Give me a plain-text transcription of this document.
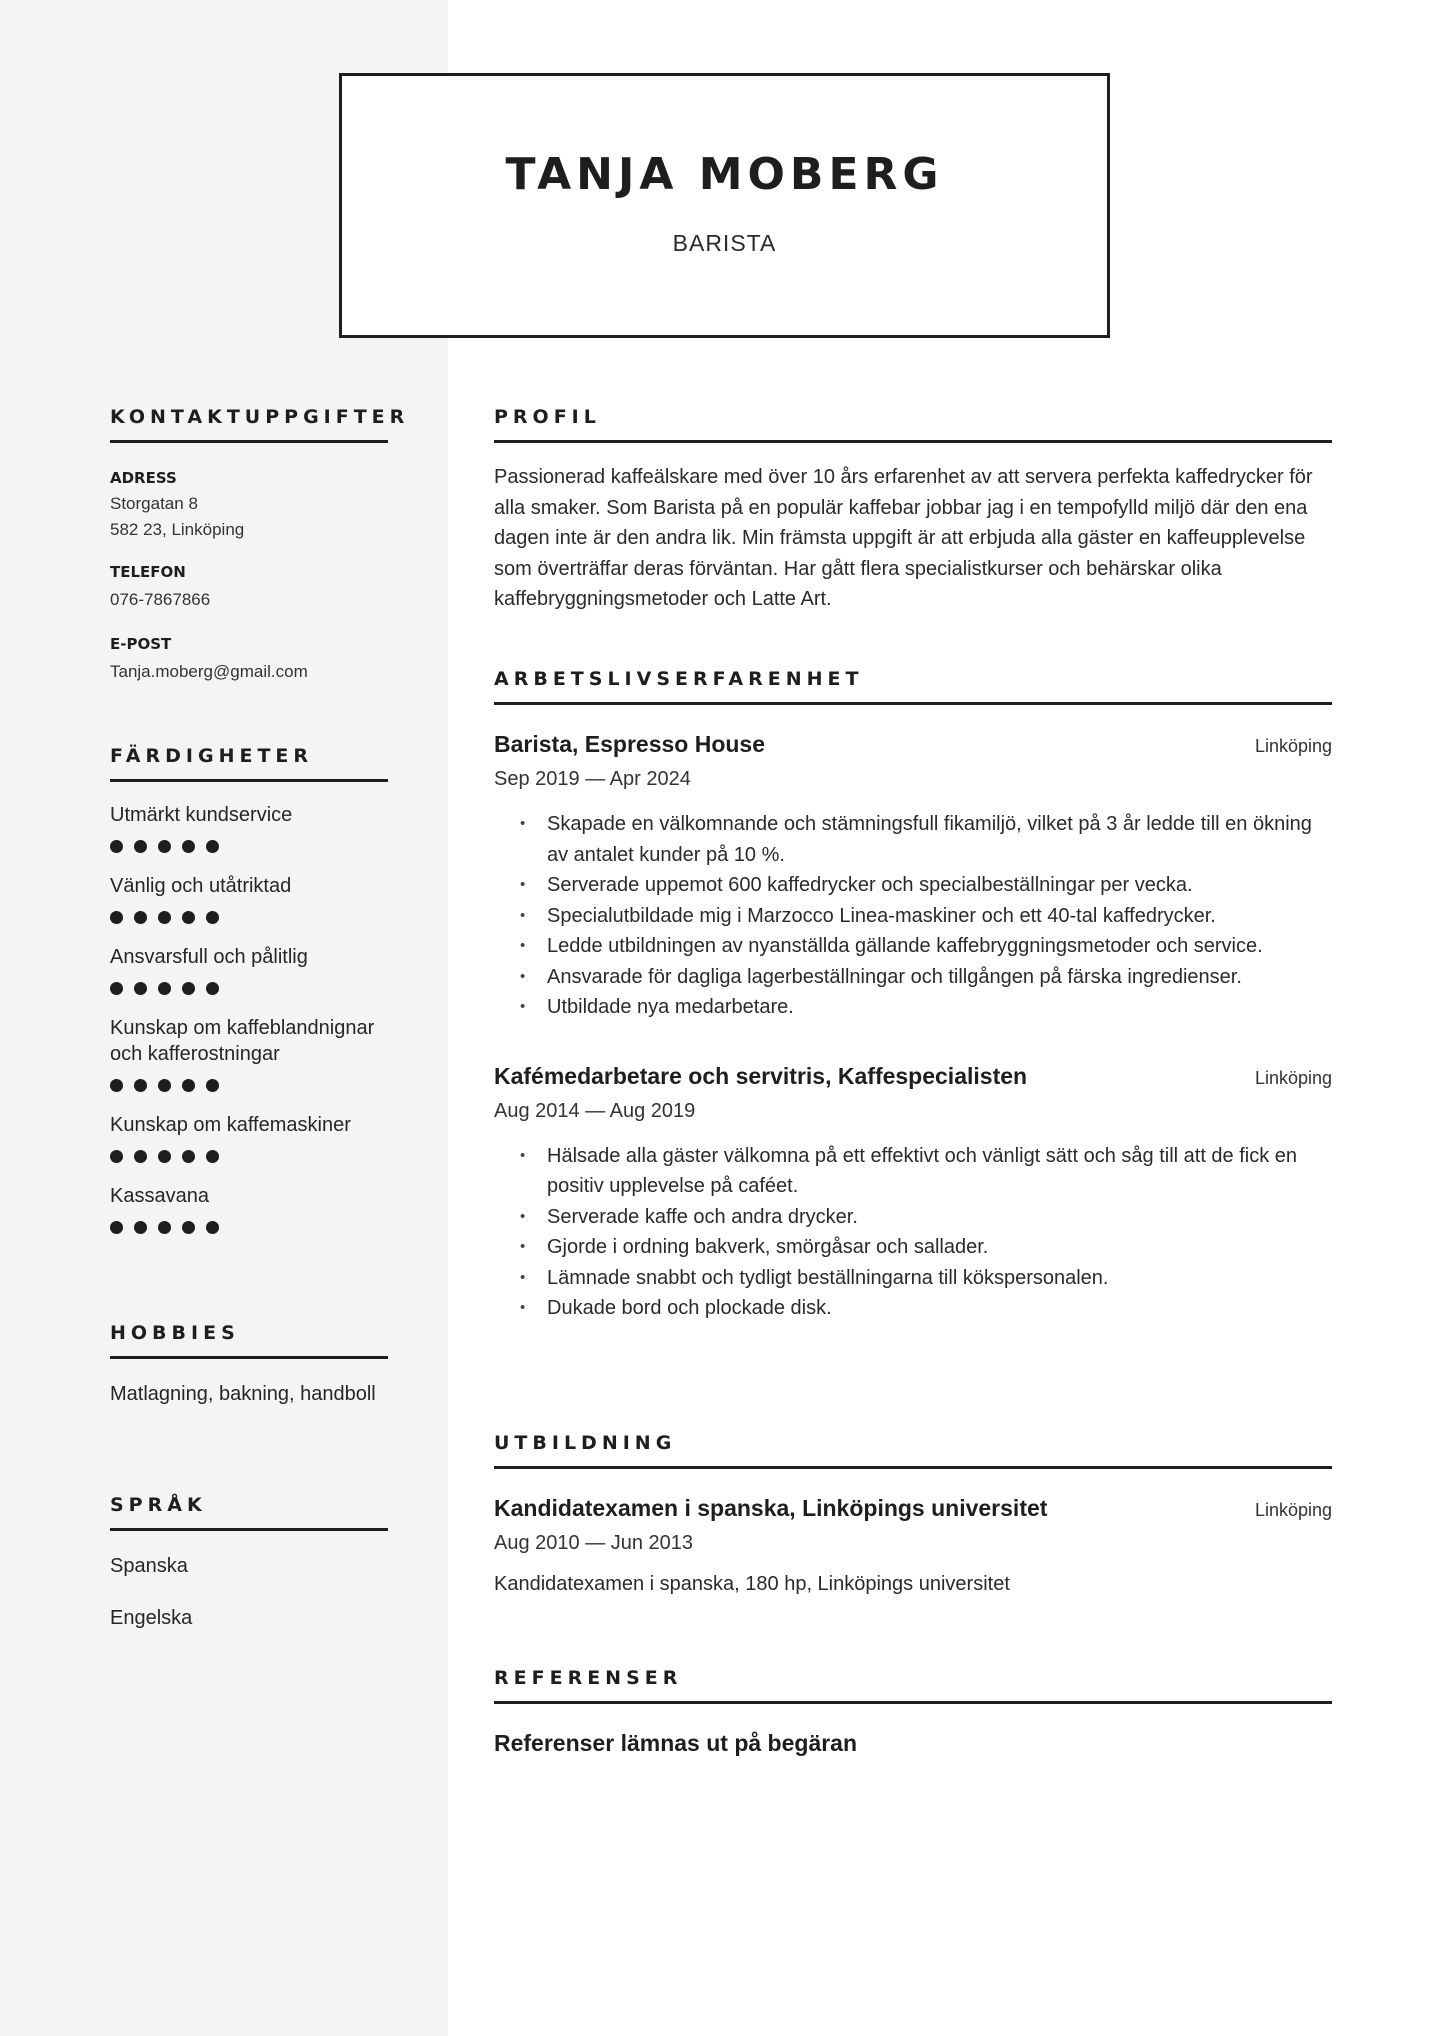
TANJA MOBERG
BARISTA
KONTAKTUPPGIFTER
ADRESS
Storgatan 8
582 23, Linköping
TELEFON
076-7867866
E-POST
Tanja.moberg@gmail.com
FÄRDIGHETER
Utmärkt kundservice
Vänlig och utåtriktad
Ansvarsfull och pålitlig
Kunskap om kaffeblandnignar och kafferostningar
Kunskap om kaffemaskiner
Kassavana
HOBBIES
Matlagning, bakning, handboll
SPRÅK
Spanska
Engelska
PROFIL
Passionerad kaffeälskare med över 10 års erfarenhet av att servera perfekta kaffedrycker för alla smaker. Som Barista på en populär kaffebar jobbar jag i en tempofylld miljö där den ena dagen inte är den andra lik. Min främsta uppgift är att erbjuda alla gäster en kaffeupplevelse som överträffar deras förväntan. Har gått flera specialistkurser och behärskar olika kaffebryggningsmetoder och Latte Art.
ARBETSLIVSERFARENHET
Barista, Espresso House	Linköping
Sep 2019 — Apr 2024
• Skapade en välkomnande och stämningsfull fikamiljö, vilket på 3 år ledde till en ökning av antalet kunder på 10 %.
• Serverade uppemot 600 kaffedrycker och specialbeställningar per vecka.
• Specialutbildade mig i Marzocco Linea-maskiner och ett 40-tal kaffedrycker.
• Ledde utbildningen av nyanställda gällande kaffebryggningsmetoder och service.
• Ansvarade för dagliga lagerbeställningar och tillgången på färska ingredienser.
• Utbildade nya medarbetare.
Kafémedarbetare och servitris, Kaffespecialisten	Linköping
Aug 2014 — Aug 2019
• Hälsade alla gäster välkomna på ett effektivt och vänligt sätt och såg till att de fick en positiv upplevelse på caféet.
• Serverade kaffe och andra drycker.
• Gjorde i ordning bakverk, smörgåsar och sallader.
• Lämnade snabbt och tydligt beställningarna till kökspersonalen.
• Dukade bord och plockade disk.
UTBILDNING
Kandidatexamen i spanska, Linköpings universitet	Linköping
Aug 2010 — Jun 2013
Kandidatexamen i spanska, 180 hp, Linköpings universitet
REFERENSER
Referenser lämnas ut på begäran
